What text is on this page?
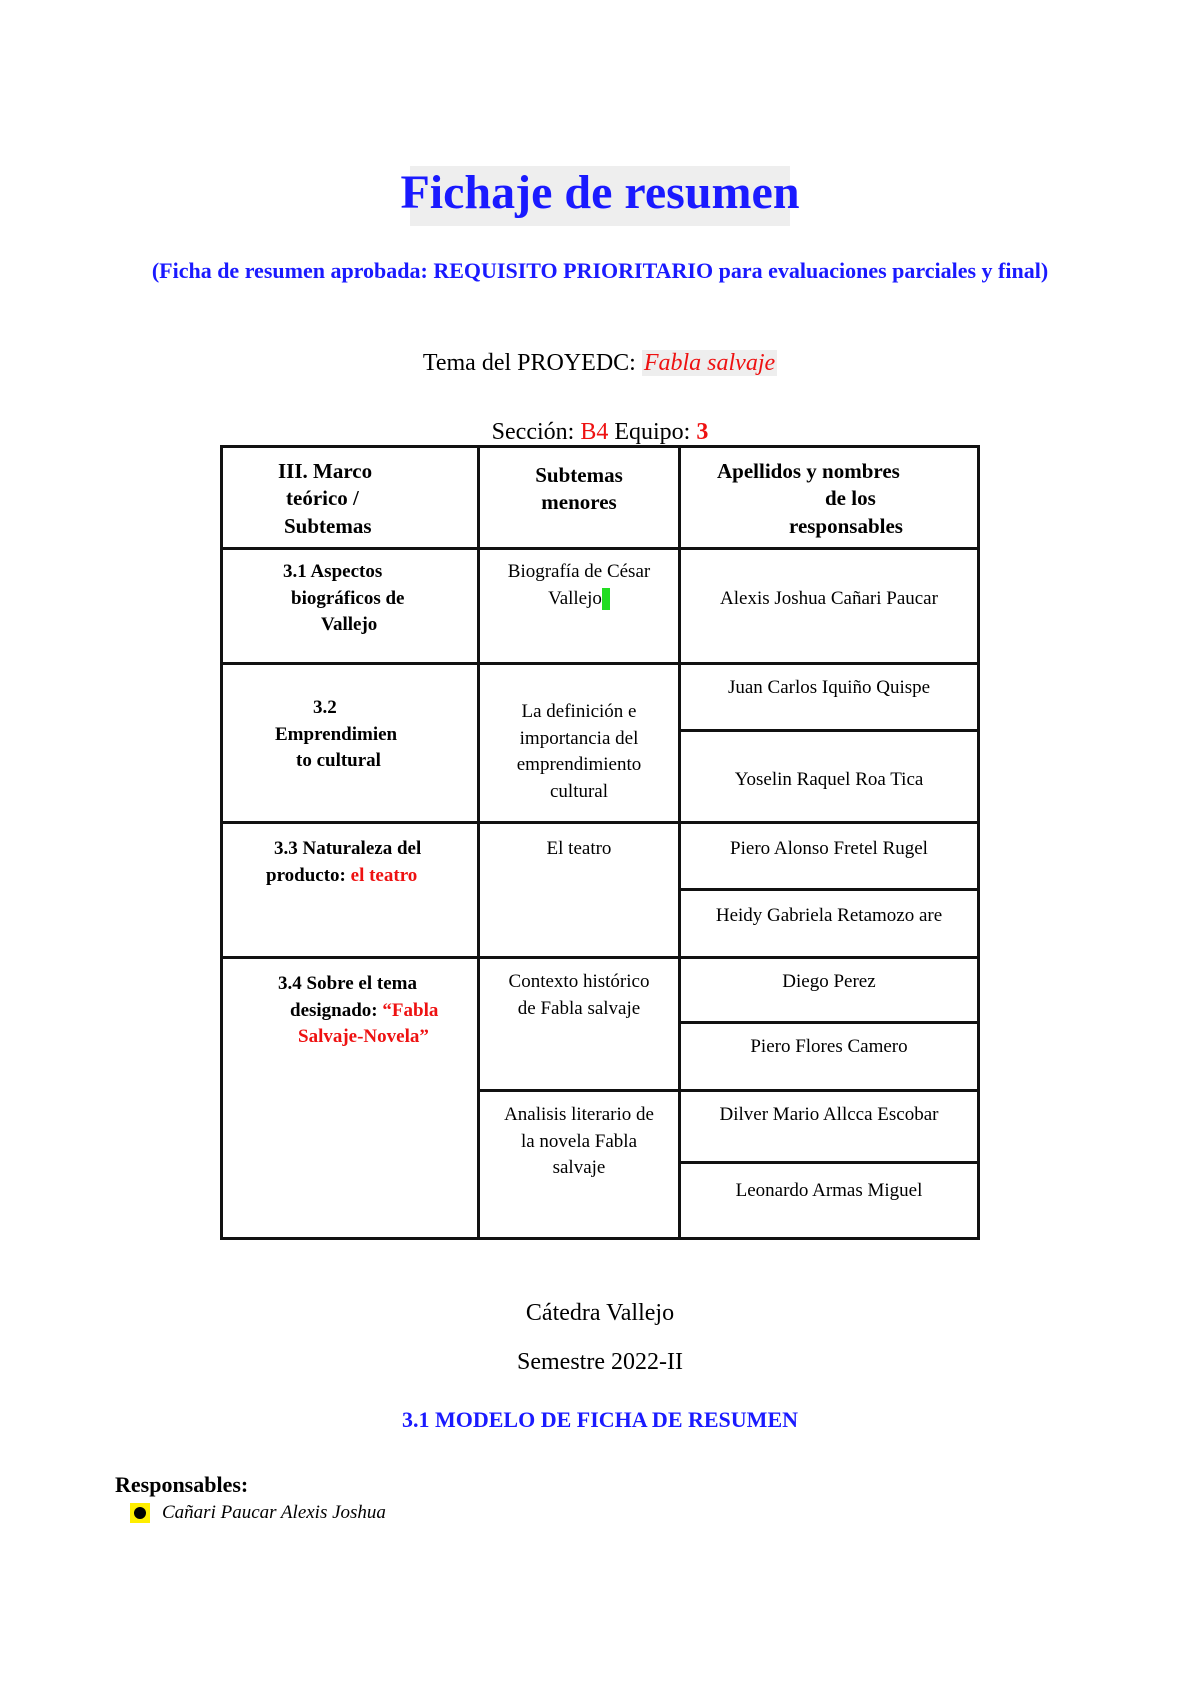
Fichaje de resumen
(Ficha de resumen aprobada: REQUISITO PRIORITARIO para evaluaciones parciales y final)
Tema del PROYEDC: Fabla salvaje
Sección: B4 Equipo: 3
III. Marco
teórico /
Subtemas
Subtemas
menores
Apellidos y nombres
de los
responsables
3.1 Aspectos
biográficos de
Vallejo
Biografía de César
Vallejo	Alexis Joshua Cañari Paucar
3.2
Emprendimien
to cultural
La definición e
importancia del
emprendimiento
cultural
Juan Carlos Iquiño Quispe
Yoselin Raquel Roa Tica
3.3 Naturaleza del
producto: el teatro
El teatro	Piero Alonso Fretel Rugel
Heidy Gabriela Retamozo are
3.4 Sobre el tema
designado: “Fabla
Salvaje-Novela”
Contexto histórico
de Fabla salvaje
Analisis literario de
la novela Fabla
salvaje
Diego Perez
Piero Flores Camero
Dilver Mario Allcca Escobar
Leonardo Armas Miguel
Cátedra Vallejo
Semestre 2022-II
3.1 MODELO DE FICHA DE RESUMEN
Responsables:
Cañari Paucar Alexis Joshua
